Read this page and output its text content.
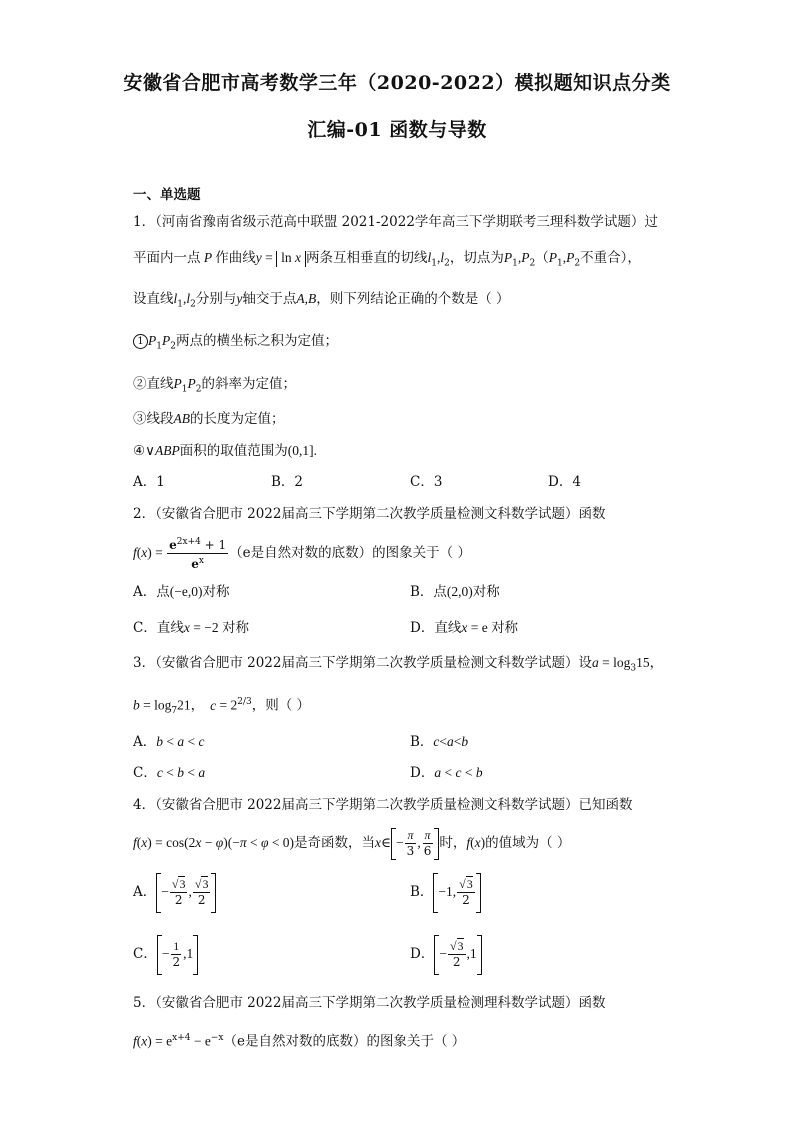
安徽省合肥市高考数学三年（2020-2022）模拟题知识点分类
汇编-01 函数与导数
一、单选题
1．（河南省豫南省级示范高中联盟 2021-2022学年高三下学期联考三理科数学试题）过
平面内一点 P 作曲线y = ln x 两条互相垂直的切线$l_1,l_2$，切点为$P_1,P_2(P_1,P_2$不重合），
设直线$l_1,l_2$分别与y轴交于点A,B，则下列结论正确的个数是（ ）
1 $P_1P_2$两点的横坐标之积为定值；
②直线$P_1P_2$的斜率为定值；
③线段AB的长度为定值；
④∨ABP面积的取值范围为(0,1].
A．1	B．2	C．3	D．4
2．（安徽省合肥市 2022届高三下学期第二次教学质量检测文科数学试题）函数
$f(x) = \frac{e^{2x+4} + 1}{e^x} (e$是自然对数的底数）的图象关于（ ）
A．点(−e,0)对称	B．点(2,0)对称
C．直线x = −2 对称	D．直线x = e 对称
3．（安徽省合肥市 2022届高三下学期第二次教学质量检测文科数学试题）设$a = \log_315$，
$b = \log_721$， $c = 2^{2/3}$，则（ ）
A．b < a < c	B．c<a<b
C．c < b < a	D．a < c < b
4．（安徽省合肥市 2022届高三下学期第二次教学质量检测文科数学试题）已知函数
f(x) = cos(2x − φ)(−π < φ < 0)是奇函数，当x∈ − $\frac{\pi}{3}$ , $\frac{\pi}{6}$ 时，f(x)的值域为（ ）
A． − $\frac{√3}{2}$ , $\frac{√3}{2}$	B． −1, $\frac{√3}{2}$
C． − $\frac{1}{2} ,1$	D． − $\frac{√3}{2} ,1$
5．（安徽省合肥市 2022届高三下学期第二次教学质量检测理科数学试题）函数
$f(x) = e^{x+4} - e^{-x}(e$是自然对数的底数）的图象关于（ ）
